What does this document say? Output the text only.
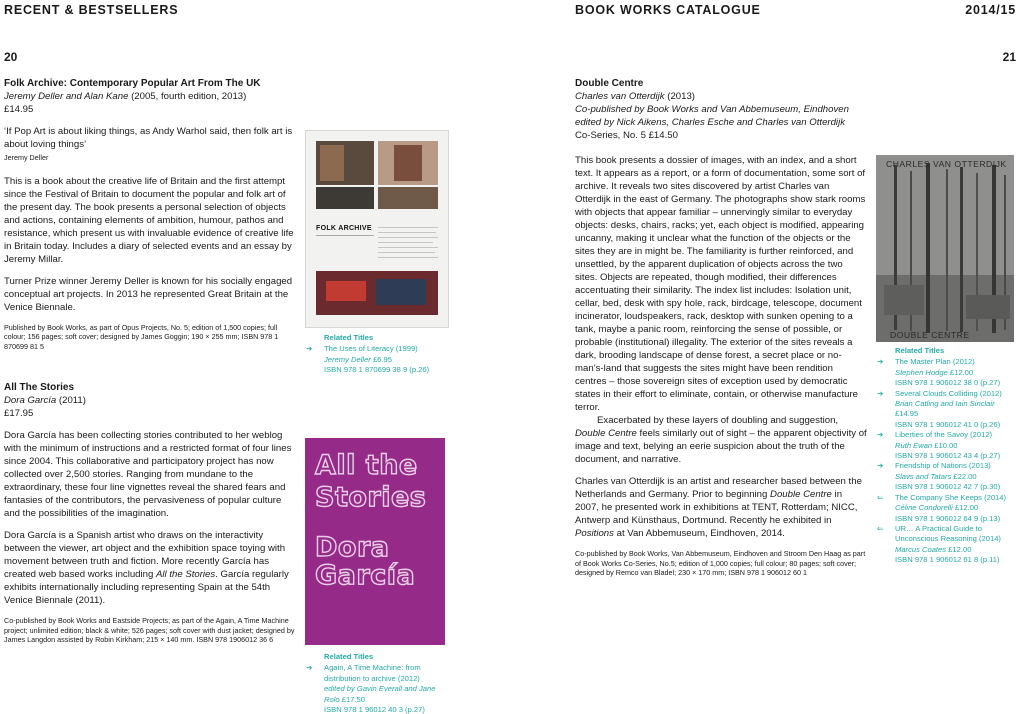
RECENT & BESTSELLERS	BOOK WORKS CATALOGUE	2014/15
20	21
Folk Archive: Contemporary Popular Art From The UK
Jeremy Deller and Alan Kane (2005, fourth edition, 2013)
£14.95
‘If Pop Art is about liking things, as Andy Warhol said, then folk art is about loving things’
Jeremy Deller
This is a book about the creative life of Britain and the first attempt since the Festival of Britain to document the popular and folk art of the present day. The book presents a personal selection of objects and actions, containing elements of ambition, humour, pathos and resistance, which present us with invaluable evidence of creative life in Britain today. Includes a diary of selected events and an essay by Jeremy Millar.
Turner Prize winner Jeremy Deller is known for his socially engaged conceptual art projects. In 2013 he represented Great Britain at the Venice Biennale.
Published by Book Works, as part of Opus Projects, No. 5; edition of 1,500 copies; full colour; 156 pages; soft cover; designed by James Goggin; 190 × 255 mm; ISBN 978 1 870699 81 5
All The Stories
Dora García (2011)
£17.95
Dora García has been collecting stories contributed to her weblog with the minimum of instructions and a restricted format of four lines since 2004. This collaborative and participatory project has now collected over 2,500 stories. Ranging from mundane to the extraordinary, these four line vignettes reveal the shared fears and fantasies of the contributors, the pervasiveness of popular culture and the possibilities of the imagination.
Dora García is a Spanish artist who draws on the interactivity between the viewer, art object and the exhibition space toying with movement between truth and fiction. More recently García has created web based works including All the Stories. García regularly exhibits internationally including representing Spain at the 54th Venice Biennale (2011).
Co-published by Book Works and Eastside Projects; as part of the Again, A Time Machine project; unlimited edition; black & white; 526 pages; soft cover with dust jacket; designed by James Langdon assisted by Robin Kirkham; 215 × 140 mm. ISBN 978 1906012 36 6
FOLK ARCHIVE
Related Titles
➔ The Uses of Literacy (1999)
Jeremy Deller £6.95
ISBN 978 1 870699 38 9 (p.26)
All the
Stories
Dora
García
Related Titles
➔ Again, A Time Machine: from distribution to archive (2012)
edited by Gavin Everall and Jane Rolo £17.50
ISBN 978 1 96012 40 3 (p.27)
Double Centre
Charles van Otterdijk (2013)
Co-published by Book Works and Van Abbemuseum, Eindhoven
edited by Nick Aikens, Charles Esche and Charles van Otterdijk
Co-Series, No. 5 £14.50
This book presents a dossier of images, with an index, and a short text. It appears as a report, or a form of documentation, some sort of archive. It reveals two sites discovered by artist Charles van Otterdijk in the east of Germany. The photographs show stark rooms with objects that appear familiar – unnervingly similar to everyday objects: desks, chairs, racks; yet, each object is modified, appearing uncanny, making it unclear what the function of the objects or the sites they are in might be. The familiarity is further reinforced, and unsettled, by the apparent duplication of objects across the two sites. Objects are repeated, though modified, their differences accentuating their similarity. The index list includes: Isolation unit, cellar, bed, desk with spy hole, rack, birdcage, telescope, document incinerator, loudspeakers, rack, desktop with sunken opening to a tank, maybe a panic room, reinforcing the sense of possible, or probable (institutional) illegality. The exterior of the sites reveals a dark, brooding landscape of dense forest, a secret place or no-man’s-land that suggests the sites might have been rendition centres – those sovereign sites of exception used by democratic states in their effort to eliminate, contain, or otherwise manufacture terror.
Exacerbated by these layers of doubling and suggestion, Double Centre feels similarly out of sight – the apparent objectivity of image and text, belying an eerie suspicion about the truth of the document, and narrative.
Charles van Otterdijk is an artist and researcher based between the Netherlands and Germany. Prior to beginning Double Centre in 2007, he presented work in exhibitions at TENT, Rotterdam; NICC, Antwerp and Künsthaus, Dortmund. Recently he exhibited in Positions at Van Abbemuseum, Eindhoven, 2014.
Co-published by Book Works, Van Abbemuseum, Eindhoven and Stroom Den Haag as part of Book Works Co-Series, No.5; edition of 1,000 copies; full colour; 80 pages; soft cover; designed by Remco van Bladel; 230 × 170 mm; ISBN 978 1 906012 60 1
CHARLES VAN OTTERDIJK
DOUBLE CENTRE
Related Titles
➔ The Master Plan (2012)
Stephen Hodge £12.00
ISBN 978 1 906012 38 0 (p.27)
➔ Several Clouds Colliding (2012)
Brian Catling and Iain Sinclair
£14.95
ISBN 978 1 906012 41 0 (p.26)
➔ Liberties of the Savoy (2012)
Ruth Ewan £10.00
ISBN 978 1 906012 43 4 (p.27)
➔ Friendship of Nations (2013)
Slavs and Tatars £22.00
ISBN 978 1 906012 42 7 (p.30)
⇐ The Company She Keeps (2014)
Céline Condorelli £12.00
ISBN 978 1 906012 64 9 (p.13)
⇐ UR… A Practical Guide to Unconscious Reasoning (2014)
Marcus Coates £12.00
ISBN 978 1 906012 61 8 (p.11)
